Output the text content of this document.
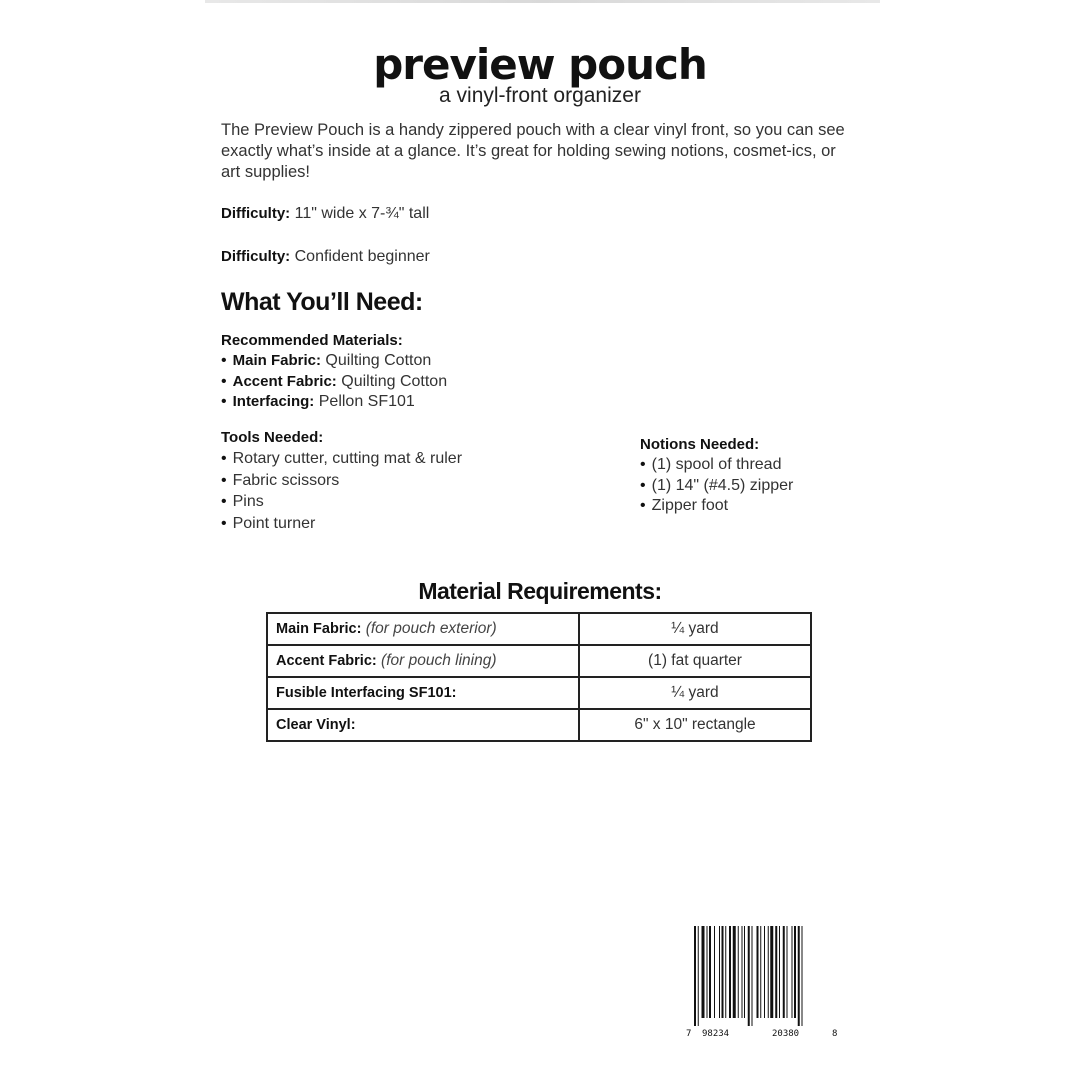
preview pouch
a vinyl-front organizer

The Preview Pouch is a handy zippered pouch with a clear vinyl front, so you can see exactly what’s inside at a glance. It’s great for holding sewing notions, cosmet-ics, or art supplies!

Difficulty: 11" wide x 7-¾" tall

Difficulty: Confident beginner

What You’ll Need:
Recommended Materials:
• Main Fabric: Quilting Cotton
• Accent Fabric: Quilting Cotton
• Interfacing: Pellon SF101
Tools Needed:
• Rotary cutter, cutting mat & ruler
• Fabric scissors
• Pins
• Point turner
Notions Needed:
• (1) spool of thread
• (1) 14" (#4.5) zipper
• Zipper foot
Material Requirements:
Main Fabric: (for pouch exterior)	¼ yard
Accent Fabric: (for pouch lining)	(1) fat quarter
Fusible Interfacing SF101:	¼ yard
Clear Vinyl:	6" x 10" rectangle
7 98234	20380	8
